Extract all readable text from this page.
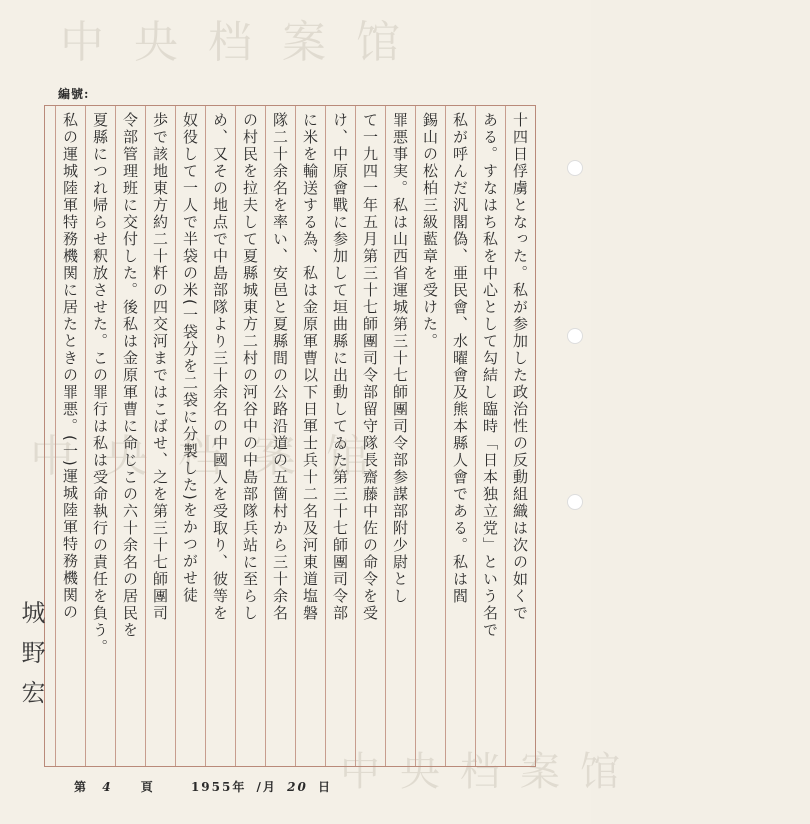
中央档案馆
中央档案馆
中央档案馆
編號:
十四日俘虜となった。私が参加した政治性の反動組織は次の如くで
ある。すなはち私を中心として勾結し臨時「日本独立党」という名で
私が呼んだ汎閣偽、亜民會、水曜會及熊本縣人會である。私は閻
錫山の松柏三級藍章を受けた。
罪悪事実。私は山西省運城第三十七師團司令部参謀部附少尉とし
て一九四一年五月第三十七師團司令部留守隊長齋藤中佐の命令を受
け、中原會戰に参加して垣曲縣に出動してゐた第三十七師團司令部
に米を輸送する為、私は金原軍曹以下日軍士兵十二名及河東道塩磐
隊二十余名を率い、安邑と夏縣間の公路沿道の五箇村から三十余名
の村民を拉夫して夏縣城東方二村の河谷中の中島部隊兵站に至らし
め、又その地点で中島部隊より三十余名の中國人を受取り、彼等を
奴役して一人で半袋の米(一袋分を二袋に分製した)をかつがせ徒
歩で該地東方約二十粁の四交河まではこばせ、之を第三十七師團司
令部管理班に交付した。後私は金原軍曹に命じこの六十余名の居民を
夏縣につれ帰らせ釈放させた。この罪行は私は受命執行の責任を負う。
私の運城陸軍特務機関に居たときの罪悪。(一)運城陸軍特務機関の
城野宏
第 4 頁	1955年 /月 20 日
